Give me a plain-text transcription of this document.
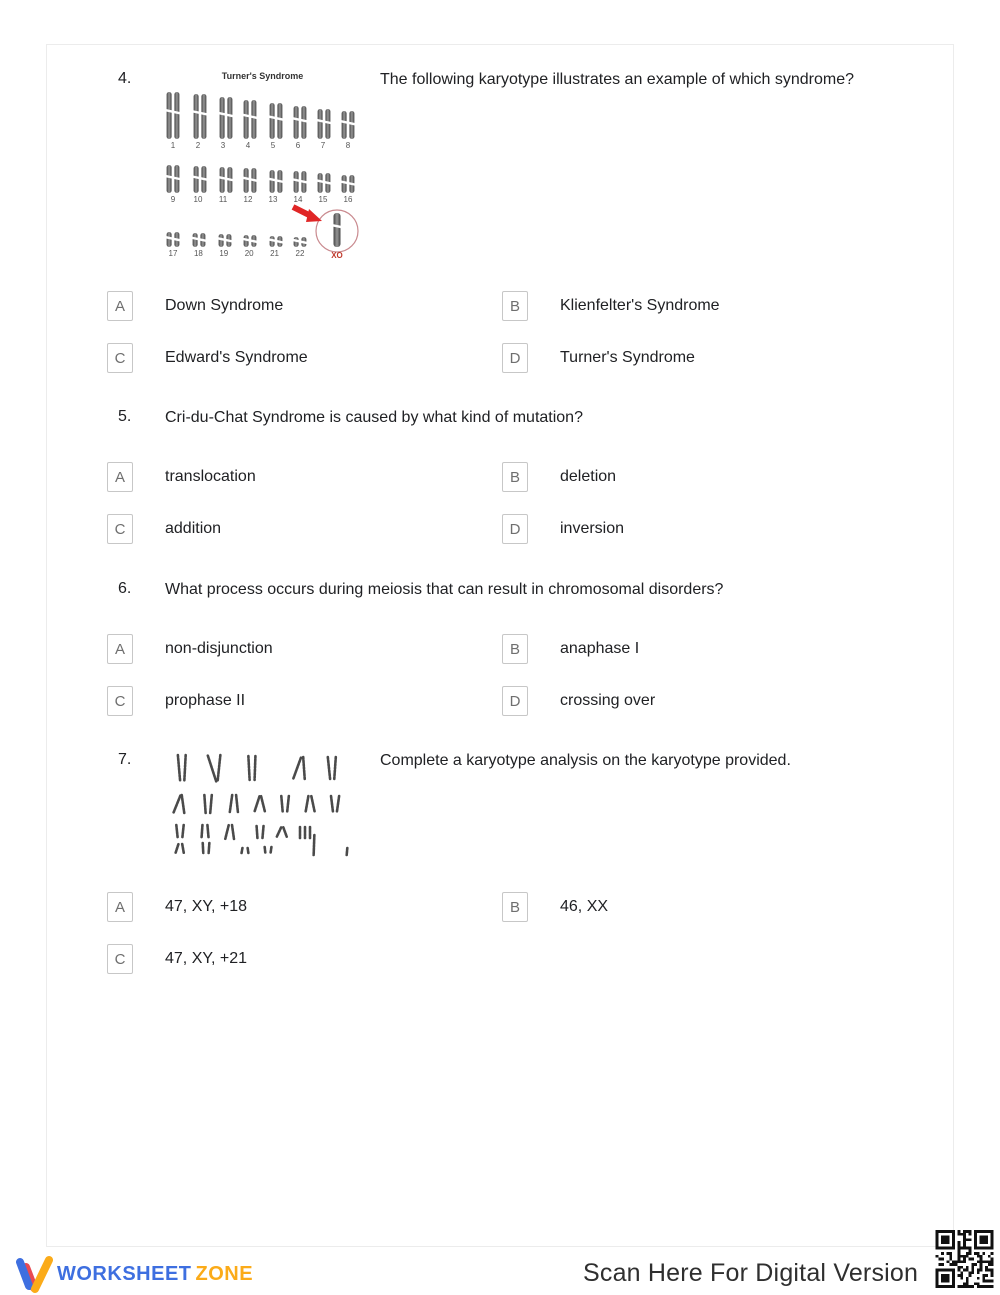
4.	Turner's Syndrome
1	2	3	4	5	6	7	8
9	10 11 12 13 14 15 16
17 18 19 20 21 22	XO
The following karyotype illustrates an example of which syndrome?
A	Down Syndrome	B	Klienfelter's Syndrome
C	Edward's Syndrome	D	Turner's Syndrome
5. Cri-du-Chat Syndrome is caused by what kind of mutation?
A	translocation	B	deletion
C	addition	D	inversion
6. What process occurs during meiosis that can result in chromosomal disorders?
A	non-disjunction	B	anaphase I
C	prophase II	D	crossing over
7.	Complete a karyotype analysis on the karyotype provided.
A	47, XY, +18	B	46, XX
C	47, XY, +21
WORKSHEET ZONE	Scan Here For Digital Version
